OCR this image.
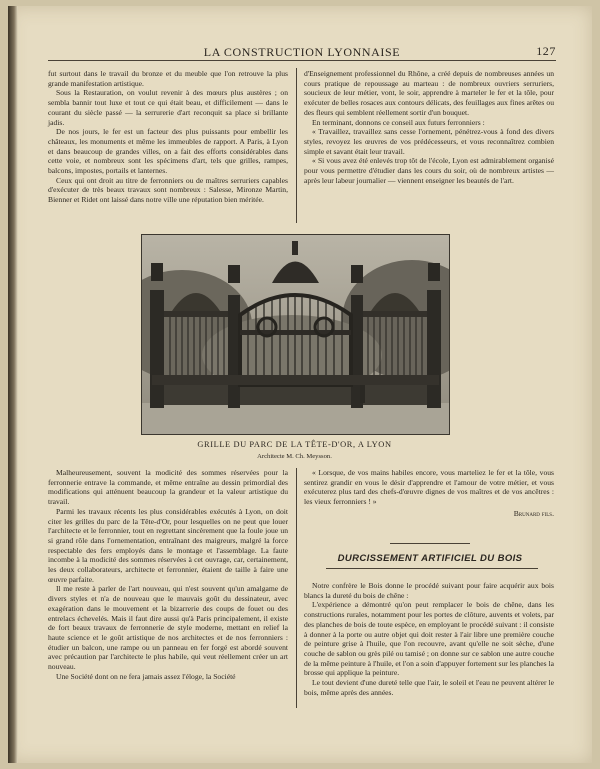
LA CONSTRUCTION LYONNAISE	127

fut surtout dans le travail du bronze et du meuble que l'on retrouve la plus grande manifestation artistique.

Sous la Restauration, on voulut revenir à des mœurs plus austères ; on sembla bannir tout luxe et tout ce qui était beau, et difficilement — dans le courant du siècle passé — la serrurerie d'art reconquit sa place si brillante jadis.

De nos jours, le fer est un facteur des plus puissants pour embellir les châteaux, les monuments et même les immeubles de rapport. A Paris, à Lyon et dans beaucoup de grandes villes, on a fait des efforts considérables dans cette voie, et nombreux sont les spécimens d'art, tels que grilles, rampes, balcons, impostes, portails et lanternes.

Ceux qui ont droit au titre de ferronniers ou de maîtres serruriers capables d'exécuter de très beaux travaux sont nombreux : Salesse, Mironze Martin, Bienner et Ridet ont laissé dans notre ville une réputation bien méritée.

d'Enseignement professionnel du Rhône, a créé depuis de nombreuses années un cours pratique de repoussage au marteau : de nombreux ouvriers serruriers, soucieux de leur métier, vont, le soir, apprendre à marteler le fer et la tôle, pour exécuter de belles rosaces aux contours délicats, des feuillages aux fines arêtes ou des fleurs qui semblent réellement sortir d'un bouquet.

En terminant, donnons ce conseil aux futurs ferronniers :

« Travaillez, travaillez sans cesse l'ornement, pénétrez-vous à fond des divers styles, revoyez les œuvres de vos prédécesseurs, et vous reconnaîtrez combien simple et savant était leur travail.

« Si vous avez été enlevés trop tôt de l'école, Lyon est admirablement organisé pour vous permettre d'étudier dans les cours du soir, où de nombreux artistes — après leur labeur journalier — viennent enseigner les beautés de l'art.

GRILLE DU PARC DE LA TÊTE-D'OR, A LYON
Architecte M. Ch. Meysson.

Malheureusement, souvent la modicité des sommes réservées pour la ferronnerie entrave la commande, et même entraîne au dessin primordial des modifications qui atténuent beaucoup la grandeur et la valeur artistique du travail.

Parmi les travaux récents les plus considérables exécutés à Lyon, on doit citer les grilles du parc de la Tête-d'Or, pour lesquelles on ne peut que louer l'architecte et le ferronnier, tout en regrettant sincèrement que la foule joue un si grand rôle dans l'ornementation, entraînant des maigreurs, malgré la force respectable des fers employés dans le montage et l'assemblage. La faute incombe à la modicité des sommes réservées à cet ouvrage, car, certainement, les deux collaborateurs, architecte et ferronnier, étaient de taille à faire une œuvre parfaite.

Il me reste à parler de l'art nouveau, qui n'est souvent qu'un amalgame de divers styles et n'a de nouveau que le mauvais goût du dessinateur, avec exagération dans le mouvement et la bizarrerie des coups de fouet ou des entrelacs échevelés. Mais il faut dire aussi qu'à Paris principalement, il existe de fort beaux travaux de ferronnerie de style moderne, mettant en relief la haute science et le goût artistique de nos architectes et de nos ferronniers : étudier un balcon, une rampe ou un panneau en fer forgé est abordé souvent avec précaution par l'architecte le plus habile, qui veut réellement créer un art nouveau.

Une Société dont on ne fera jamais assez l'éloge, la Société

« Lorsque, de vos mains habiles encore, vous marteliez le fer et la tôle, vous sentirez grandir en vous le désir d'apprendre et l'amour de votre métier, et vous exécuterez plus tard des chefs-d'œuvre dignes de vos maîtres et de vos ancêtres : les vieux ferronniers ! »

Brunard fils.

DURCISSEMENT ARTIFICIEL DU BOIS

Notre confrère le Bois donne le procédé suivant pour faire acquérir aux bois blancs la dureté du bois de chêne :

L'expérience a démontré qu'on peut remplacer le bois de chêne, dans les constructions rurales, notamment pour les portes de clôture, auvents et volets, par des planches de bois de toute espèce, en employant le procédé suivant : il consiste à donner à la porte ou autre objet qui doit rester à l'air libre une première couche de peinture grise à l'huile, que l'on recouvre, avant qu'elle ne soit sèche, d'une couche de sablon ou grès pilé ou tamisé ; on donne sur ce sablon une autre couche de la même peinture à l'huile, et l'on a soin d'appuyer fortement sur les planches la brosse qui applique la peinture.

Le tout devient d'une dureté telle que l'air, le soleil et l'eau ne peuvent altérer le bois, même après des années.
